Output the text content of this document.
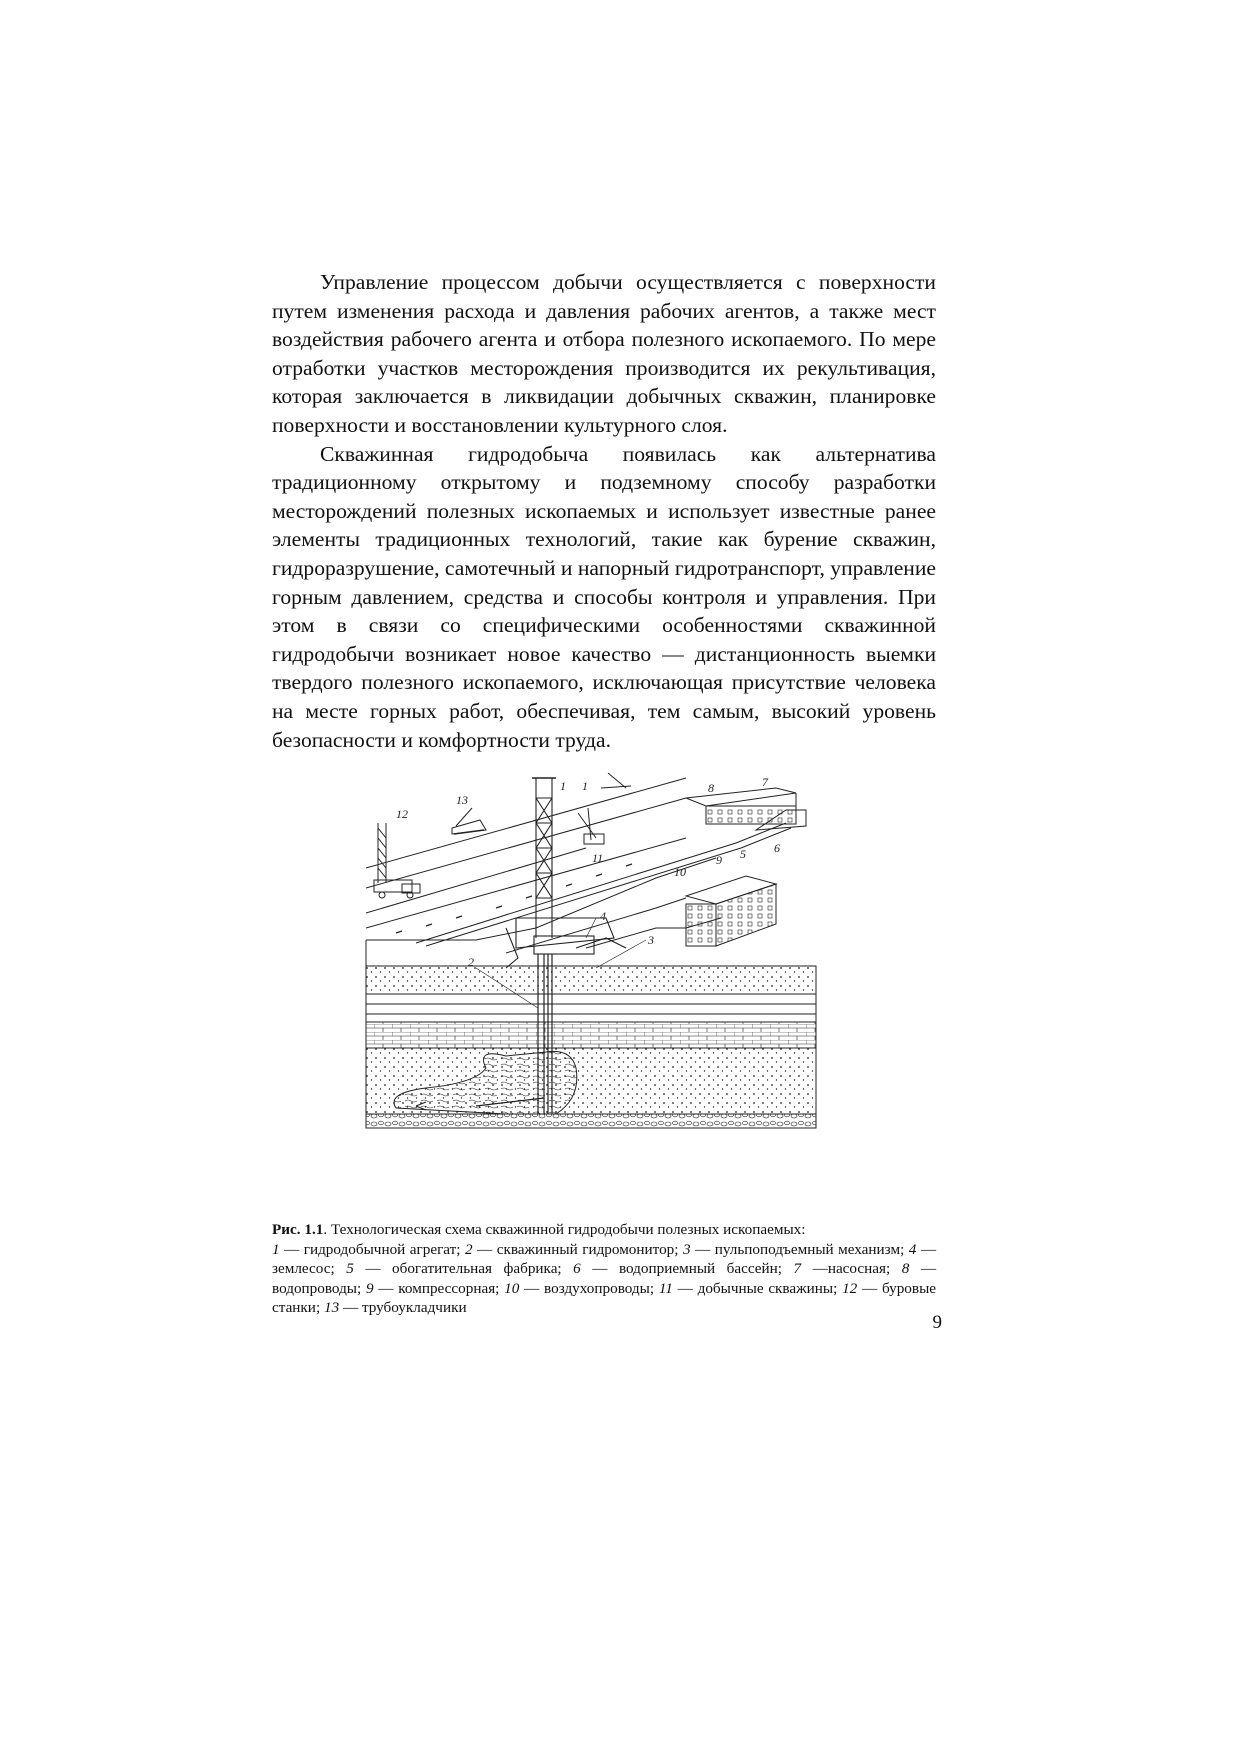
Управление процессом добычи осуществляется с поверхности путем изменения расхода и давления рабочих агентов, а также мест воздействия рабочего агента и отбора полезного ископаемого. По мере отработки участков месторождения производится их рекультивация, которая заключается в ликвидации добычных скважин, планировке поверхности и восстановлении культурного слоя.

Скважинная гидродобыча появилась как альтернатива традиционному открытому и подземному способу разработки месторождений полезных ископаемых и использует известные ранее элементы традиционных технологий, такие как бурение скважин, гидроразрушение, самотечный и напорный гидротранспорт, управление горным давлением, средства и способы контроля и управления. При этом в связи со специфическими особенностями скважинной гидродобычи возникает новое качество — дистанционность выемки твердого полезного ископаемого, исключающая присутствие человека на месте горных работ, обеспечивая, тем самым, высокий уровень безопасности и комфортности труда.

1 1
2
3
4
5 6
7
8
9
10
11
12
13
Рис. 1.1. Технологическая схема скважинной гидродобычи полезных ископаемых:
1 — гидродобычной агрегат; 2 — скважинный гидромонитор; 3 — пульпоподъемный механизм; 4 — землесос; 5 — обогатительная фабрика; 6 — водоприемный бассейн; 7 —насосная; 8 — водопроводы; 9 — компрессорная; 10 — воздухопроводы; 11 — добычные скважины; 12 — буровые станки; 13 — трубоукладчики
9
